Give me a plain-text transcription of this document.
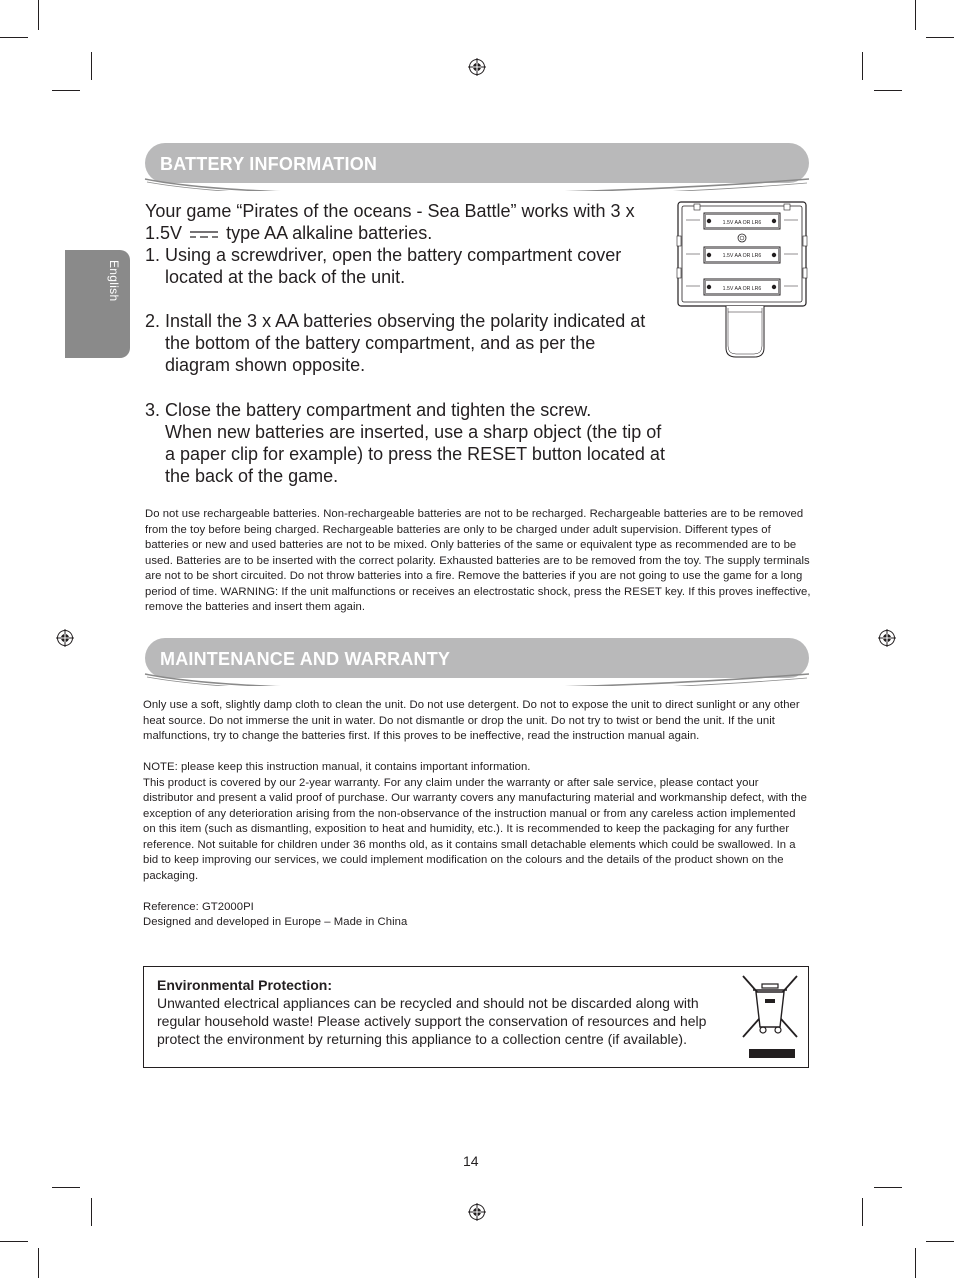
English
BATTERY INFORMATION

Your game “Pirates of the oceans - Sea Battle” works with 3 x

1.5V type AA alkaline batteries.

1. Using a screwdriver, open the battery compartment cover located at the back of the unit.

2. Install the 3 x AA batteries observing the polarity indicated at the bottom of the battery compartment, and as per the diagram shown opposite.

3. Close the battery compartment and tighten the screw.

When new batteries are inserted, use a sharp object (the tip of a paper clip for example) to press the RESET button located at the back of the game.

1.5V AA OR LR6
1.5V AA OR LR6
1.5V AA OR LR6
Do not use rechargeable batteries. Non-rechargeable batteries are not to be recharged. Rechargeable batteries are to be removed from the toy before being charged. Rechargeable batteries are only to be charged under adult supervision. Different types of batteries or new and used batteries are not to be mixed. Only batteries of the same or equivalent type as recommended are to be used. Batteries are to be inserted with the correct polarity. Exhausted batteries are to be removed from the toy. The supply terminals are not to be short circuited. Do not throw batteries into a fire. Remove the batteries if you are not going to use the game for a long period of time. WARNING: If the unit malfunctions or receives an electrostatic shock, press the RESET key. If this proves ineffective, remove the batteries and insert them again.
MAINTENANCE AND WARRANTY
Only use a soft, slightly damp cloth to clean the unit. Do not use detergent. Do not to expose the unit to direct sunlight or any other heat source. Do not immerse the unit in water. Do not dismantle or drop the unit. Do not try to twist or bend the unit. If the unit malfunctions, try to change the batteries first. If this proves to be ineffective, read the instruction manual again.
NOTE: please keep this instruction manual, it contains important information.
This product is covered by our 2-year warranty. For any claim under the warranty or after sale service, please contact your distributor and present a valid proof of purchase. Our warranty covers any manufacturing material and workmanship defect, with the exception of any deterioration arising from the non-observance of the instruction manual or from any careless action implemented on this item (such as dismantling, exposition to heat and humidity, etc.). It is recommended to keep the packaging for any further reference. Not suitable for children under 36 months old, as it contains small detachable elements which could be swallowed. In a bid to keep improving our services, we could implement modification on the colours and the details of the product shown on the packaging.
Reference: GT2000PI
Designed and developed in Europe – Made in China
Environmental Protection:
Unwanted electrical appliances can be recycled and should not be discarded along with regular household waste! Please actively support the conservation of resources and help protect the environment by returning this appliance to a collection centre (if available).
14
